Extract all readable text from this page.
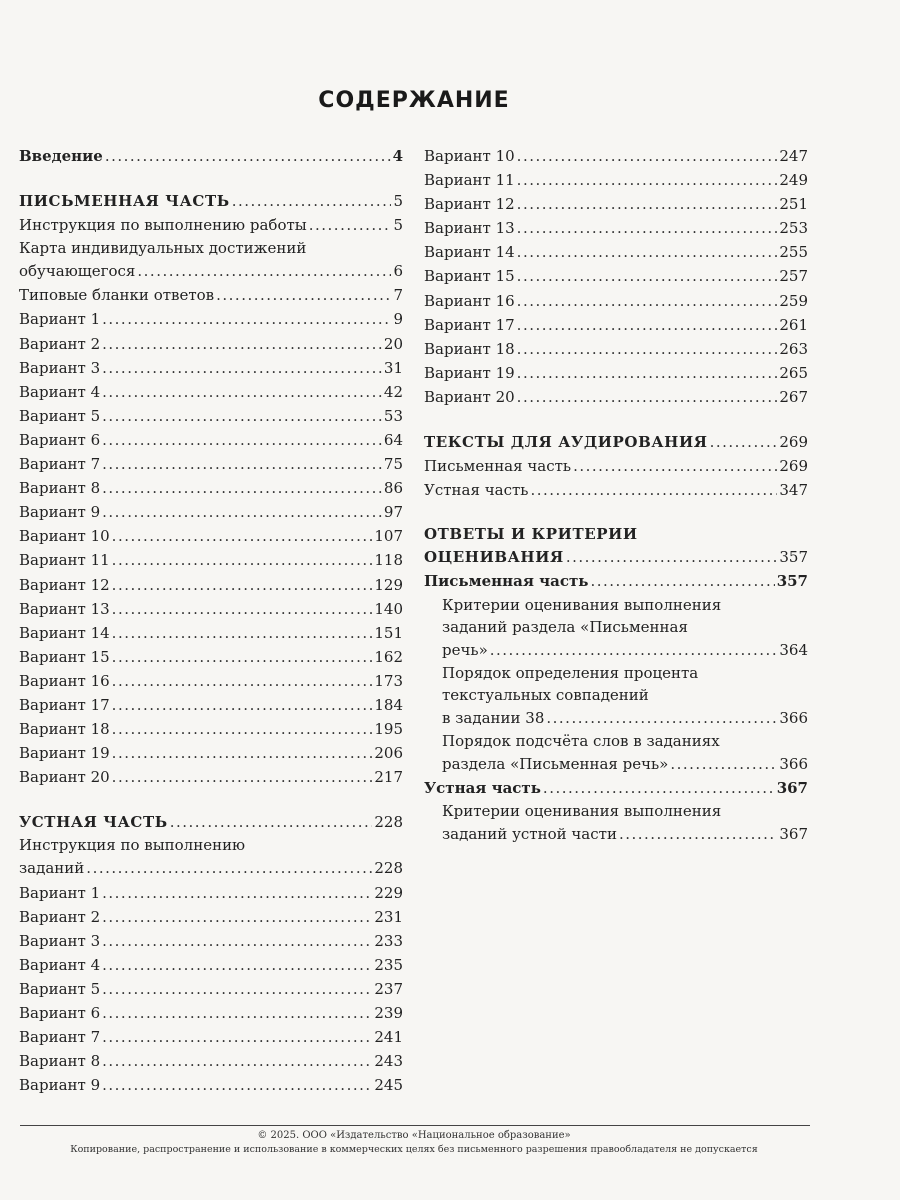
СОДЕРЖАНИЕ
Введение .....	4
ПИСЬМЕННАЯ ЧАСТЬ .....	5
Инструкция по выполнению работы .....	5
Карта индивидуальных достижений
обучающегося .....	6
Типовые бланки ответов .....	7
Вариант 1 .....	9
Вариант 2 .....	20
Вариант 3 .....	31
Вариант 4 .....	42
Вариант 5 .....	53
Вариант 6 .....	64
Вариант 7 .....	75
Вариант 8 .....	86
Вариант 9 .....	97
Вариант 10 .....	107
Вариант 11 .....	118
Вариант 12 .....	129
Вариант 13 .....	140
Вариант 14 .....	151
Вариант 15 .....	162
Вариант 16 .....	173
Вариант 17 .....	184
Вариант 18 .....	195
Вариант 19 .....	206
Вариант 20 .....	217
УСТНАЯ ЧАСТЬ .....	228
Инструкция по выполнению
заданий .....	228
Вариант 1 .....	229
Вариант 2 .....	231
Вариант 3 .....	233
Вариант 4 .....	235
Вариант 5 .....	237
Вариант 6 .....	239
Вариант 7 .....	241
Вариант 8 .....	243
Вариант 9 .....	245
Вариант 10 .....	247
Вариант 11 .....	249
Вариант 12 .....	251
Вариант 13 .....	253
Вариант 14 .....	255
Вариант 15 .....	257
Вариант 16 .....	259
Вариант 17 .....	261
Вариант 18 .....	263
Вариант 19 .....	265
Вариант 20 .....	267
ТЕКСТЫ ДЛЯ АУДИРОВАНИЯ .....	269
Письменная часть .....	269
Устная часть .....	347
ОТВЕТЫ И КРИТЕРИИ
ОЦЕНИВАНИЯ .....	357
Письменная часть .....	357
Критерии оценивания выполнения
заданий раздела «Письменная
речь» .....	364
Порядок определения процента
текстуальных совпадений
в задании 38 .....	366
Порядок подсчёта слов в заданиях
раздела «Письменная речь» .....	366
Устная часть .....	367
Критерии оценивания выполнения
заданий устной части .....	367
© 2025. ООО «Издательство «Национальное образование»
Копирование, распространение и использование в коммерческих целях без письменного разрешения правообладателя не допускается
